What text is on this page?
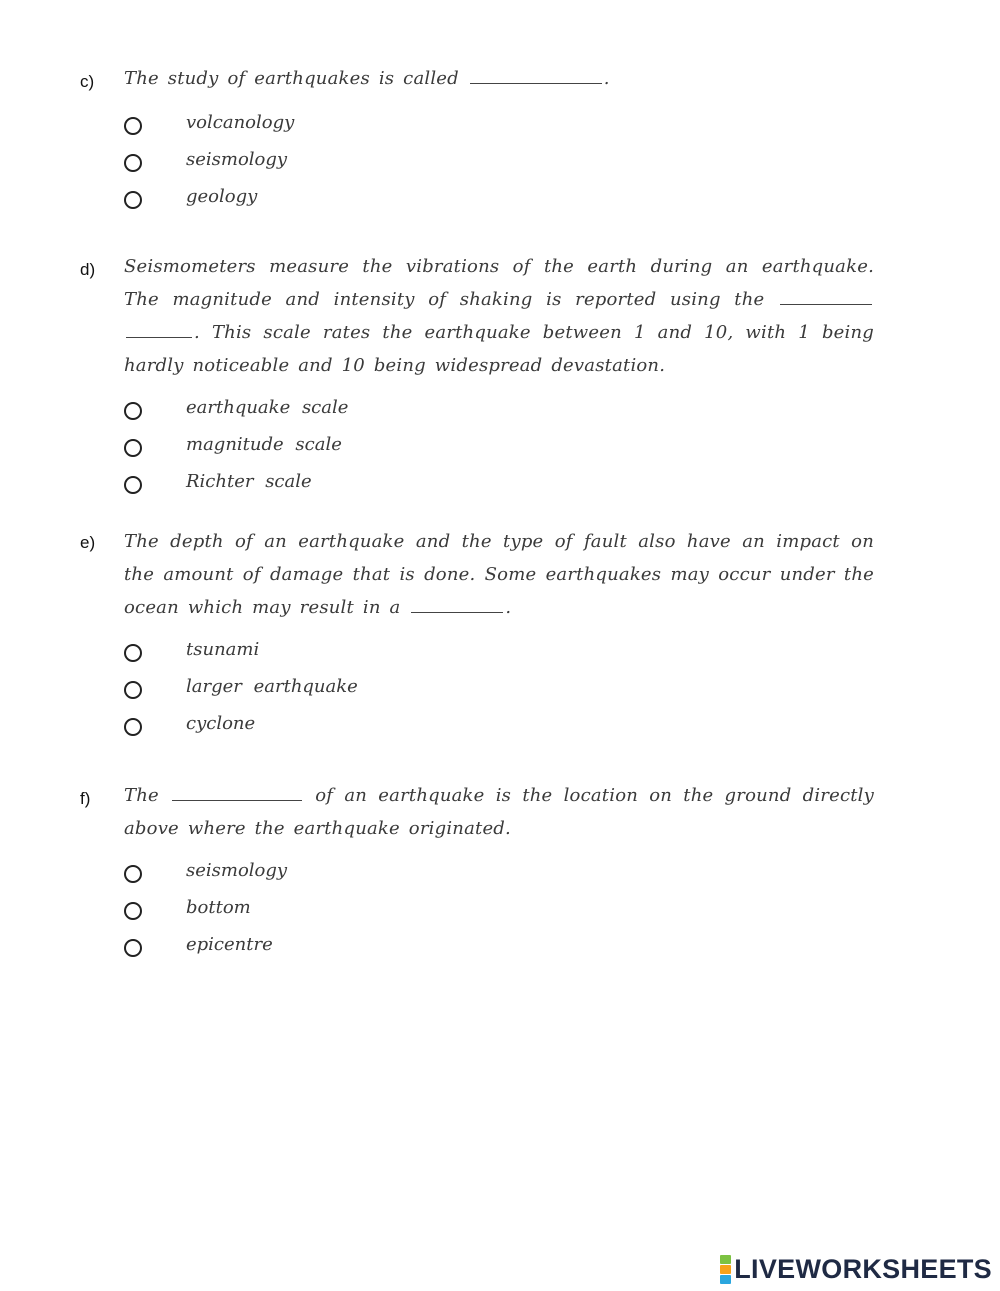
c) The study of earthquakes is called	.
volcanology
seismology
geology
d) Seismometers measure the vibrations of the earth during an earthquake. The magnitude and intensity of shaking is reported using the  . This scale rates the earthquake between 1 and 10, with 1 being hardly noticeable and 10 being widespread devastation.
earthquake scale
magnitude scale
Richter scale
e) The depth of an earthquake and the type of fault also have an impact on the amount of damage that is done. Some earthquakes may occur under the ocean which may result in a	.
tsunami
larger earthquake
cyclone
f) The	of an earthquake is the location on the ground directly above where the earthquake originated.
seismology
bottom
epicentre
LIVEWORKSHEETS
